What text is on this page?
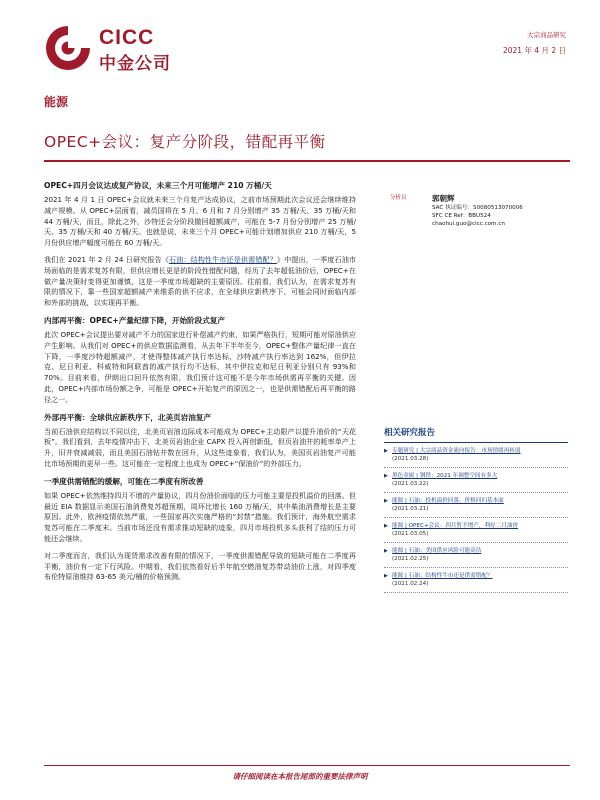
CICC
中金公司
大宗商品研究
2021 年 4 月 2 日
能源
OPEC+会议：复产分阶段，错配再平衡
OPEC+四月会议达成复产协议，未来三个月可能增产 210 万桶/天
2021 年 4 月 1 日 OPEC+会议就未来三个月复产达成协议，之前市场预期此次会议还会继续维持减产规模。从 OPEC+层面看，减员国将在 5 月、6 月和 7 月分别增产 35 万桶/天、35 万桶/天和 44 万桶/天，而且，除此之外，沙特还会分阶段撤回超额减产，可能在 5-7 月份分别增产 25 万桶/天、35 万桶/天和 40 万桶/天。也就是说，未来三个月 OPEC+可能计划增加供应 210 万桶/天，5 月份供应增产幅度可能在 60 万桶/天。
我们在 2021 年 2 月 24 日研究报告《石油：结构性牛市还是供需错配？》中提出，一季度石油市场面临的是需求复苏有限，但供应增长更是的阶段性错配问题，经历了去年超低油价后，OPEC+在做产量决策时变得更加谨慎，这是一季度市场超缺的主要原因。往前看，我们认为，在需求复苏有限的情况下，靠一些国家超额减产来维系的供不应求，在全球供应新秩序下，可能会同时面临内部和外部的挑战，以实现再平衡。
内部再平衡：OPEC+产量纪律下降，开始阶段式复产
此次 OPEC+会议提出要对减产不力的国家进行补偿减产约束，如果严格执行，短期可能对原油供应产生影响。从我们对 OPEC+的供应数据监测看，从去年下半年至今，OPEC+整体产量纪律一直在下降，一季度沙特超额减产，才使得整体减产执行率达标，沙特减产执行率达到 162%，但伊拉克、尼日利亚、科威特和阿联酋的减产执行均不达标，其中伊拉克和尼日利亚分别只有 93%和 70%。目前来看，伊朗出口回升依然有限，我们预计这可能不是今年市场供需再平衡的关键。因此，OPEC+内部市场份额之争，可能是 OPEC+开始复产的原因之一，也是供需错配后再平衡的路径之一。
外部再平衡：全球供应新秩序下，北美页岩油复产
当前石油供应结构以不同以往，北美页岩油边际成本可能成为 OPEC+主动限产以提升油价的“天花板”。我们看到，去年疫情冲击下，北美页岩油企业 CAPX 投入再创新低，但页岩油井的耗率单产上升，旧井衰减减弱，而且美国石油钻井数在回升，从这些迹象看，我们认为，美国页岩油复产可能比市场预期的更早一些。这可能在一定程度上也成为 OPEC+“保油价”的外部压力。
一季度供需错配的缓解，可能在二季度有所改善
如果 OPEC+依然维持四月不增的产量协议，四月份油价面临的压力可能主要是投机溢价的回落。但最近 EIA 数据显示美国石油消费复苏超预期，周环比增长 160 万桶/天，其中柴油消费增长是主要原因。此外，欧洲疫情依然严重，一些国家再次实施严格的“封禁”措施。我们预计，海外航空需求复苏可能在二季度末。当前市场还没有需求推动短缺的迹象，四月市场投机多头获利了结的压力可能还会继续。
对二季度而言，我们认为现货需求改善有限的情况下，一季度供需错配导致的短缺可能在二季度再平衡，油价有一定下行风险。中期看，我们依然看好后半年航空燃油复苏带动油价上涨，对四季度布伦特原油维持 63-65 美元/桶的价格预测。
分析员	郭朝辉
SAC 执证编号：S0080513070006
SFC CE Ref：BBU524
chaohui.guo@cicc.com.cn
相关研究报告
▶ 专题研究 | 大宗商品资金流向报告：市场情绪再转弱
(2021.03.28)
▶ 黑色金属 | 钢铁：2021 年调整空间有多大
(2021.03.22)
▶ 能源 | 石油：投机溢价回落，价格回归基本面
(2021.03.21)
▶ 能源 | OPEC+会议：四月暂不增产，利好二月油价
(2021.03.05)
▶ 能源 | 石油：美国供应风险可能高估
(2021.02.25)
▶ 能源 | 石油：结构性牛市还是供需错配？
(2021.02.24)
请仔细阅读在本报告尾部的重要法律声明
